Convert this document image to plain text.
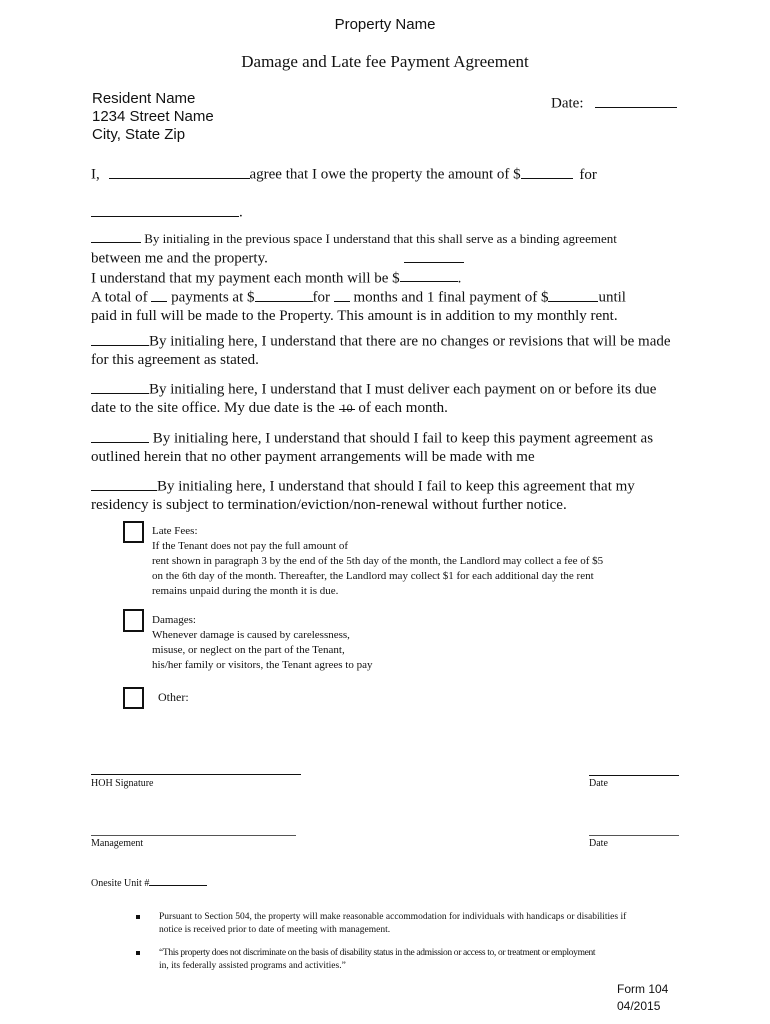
Property Name
Damage and Late fee Payment Agreement
Resident Name
1234 Street Name
City, State Zip
Date:
I,	agree that I owe the property the amount of $	for
.
By initialing in the previous space I understand that this shall serve as a binding agreement
between me and the property.
I understand that my payment each month will be $	.
A total of payments at $	for months and 1 final payment of $	until
paid in full will be made to the Property. This amount is in addition to my monthly rent.
By initialing here, I understand that there are no changes or revisions that will be made
for this agreement as stated.
By initialing here, I understand that I must deliver each payment on or before its due
date to the site office. My due date is the 10 of each month.
By initialing here, I understand that should I fail to keep this payment agreement as
outlined herein that no other payment arrangements will be made with me
By initialing here, I understand that should I fail to keep this agreement that my
residency is subject to termination/eviction/non-renewal without further notice.
Late Fees:
If the Tenant does not pay the full amount of
rent shown in paragraph 3 by the end of the 5th day of the month, the Landlord may collect a fee of $5
on the 6th day of the month. Thereafter, the Landlord may collect $1 for each additional day the rent
remains unpaid during the month it is due.
Damages:
Whenever damage is caused by carelessness,
misuse, or neglect on the part of the Tenant,
his/her family or visitors, the Tenant agrees to pay
Other:
HOH Signature	Date
Management	Date
Onesite Unit #
Pursuant to Section 504, the property will make reasonable accommodation for individuals with handicaps or disabilities if
notice is received prior to date of meeting with management.
“This property does not discriminate on the basis of disability status in the admission or access to, or treatment or employment
in, its federally assisted programs and activities.”
Form 104
04/2015
